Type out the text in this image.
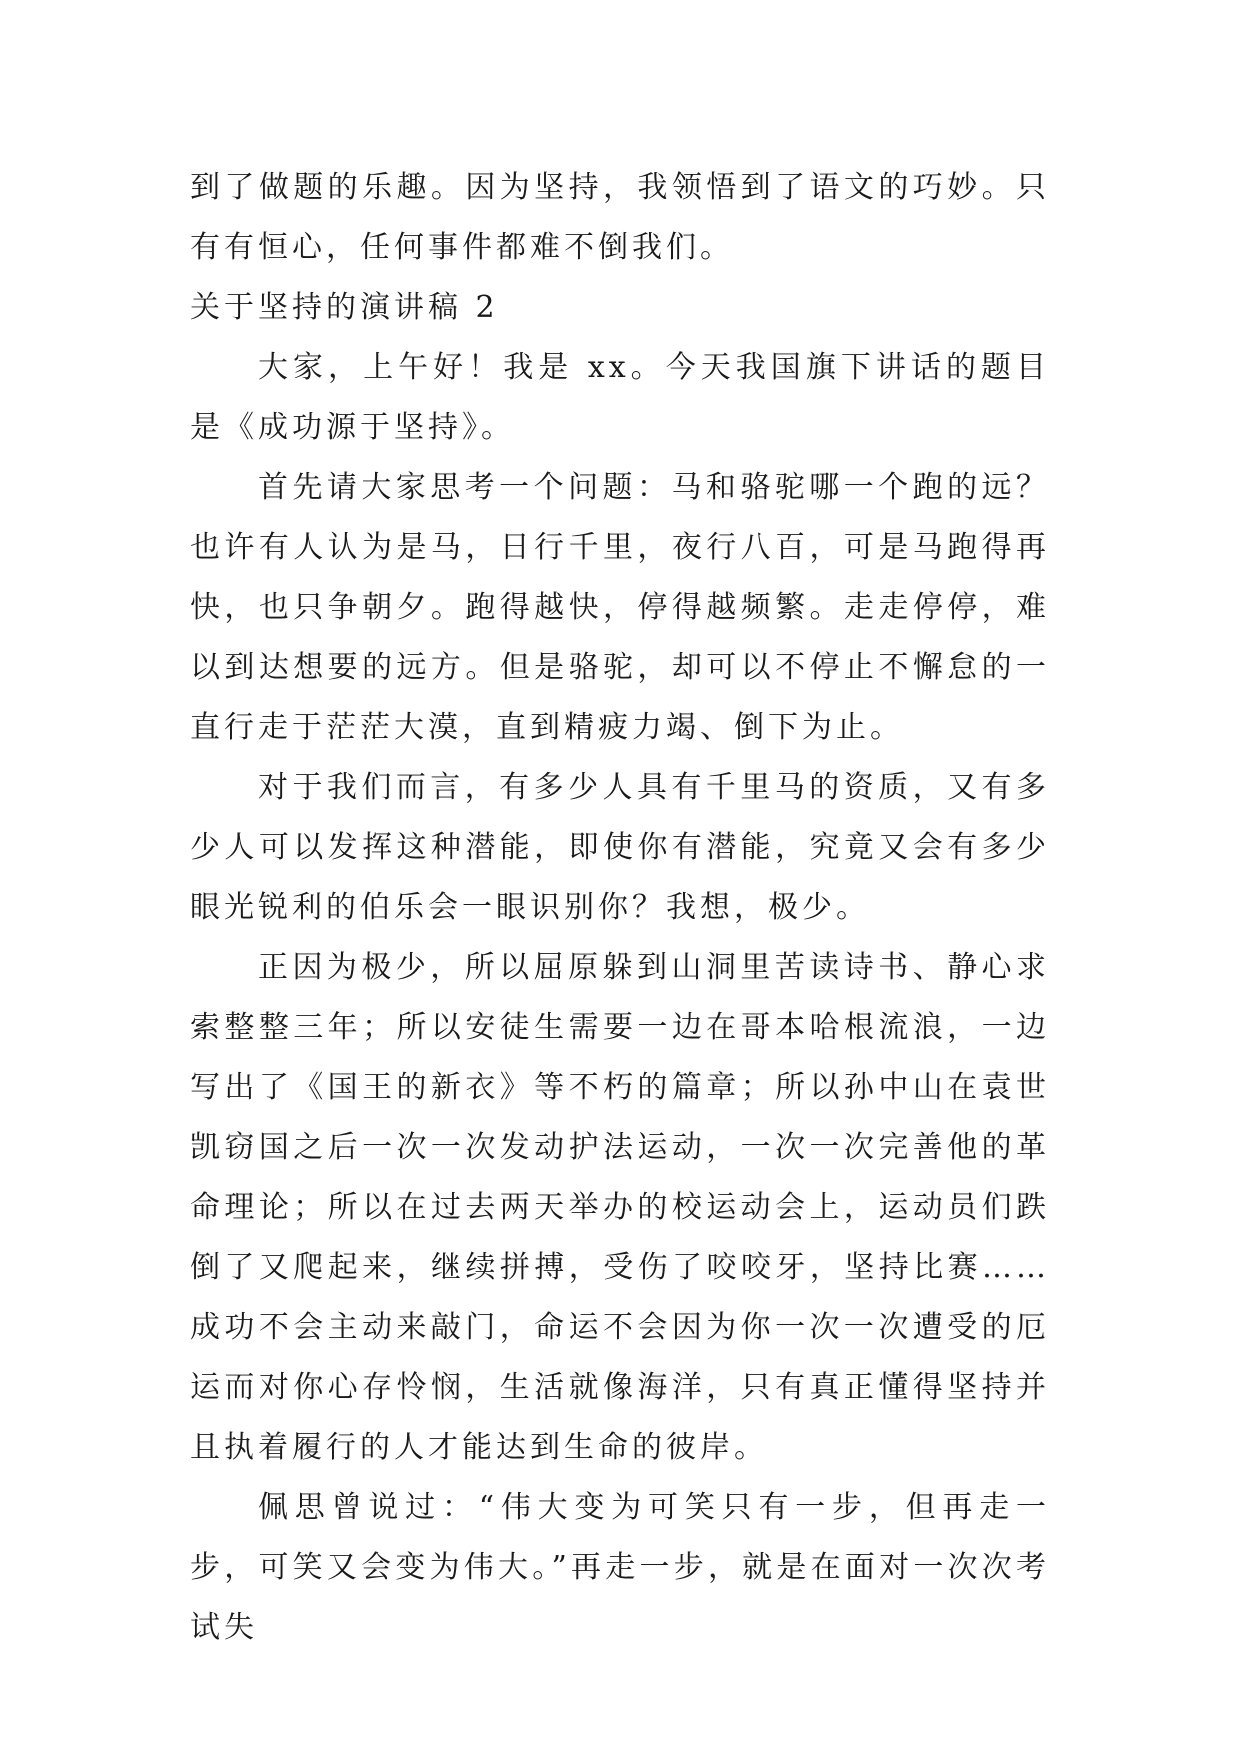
到了做题的乐趣。因为坚持，我领悟到了语文的巧妙。只有有恒心，任何事件都难不倒我们。

关于坚持的演讲稿 2

大家，上午好！我是 xx。今天我国旗下讲话的题目是《成功源于坚持》。

首先请大家思考一个问题：马和骆驼哪一个跑的远？也许有人认为是马，日行千里，夜行八百，可是马跑得再快，也只争朝夕。跑得越快，停得越频繁。走走停停，难以到达想要的远方。但是骆驼，却可以不停止不懈怠的一直行走于茫茫大漠，直到精疲力竭、倒下为止。

对于我们而言，有多少人具有千里马的资质，又有多少人可以发挥这种潜能，即使你有潜能，究竟又会有多少眼光锐利的伯乐会一眼识别你？我想，极少。

正因为极少，所以屈原躲到山洞里苦读诗书、静心求索整整三年；所以安徒生需要一边在哥本哈根流浪，一边写出了《国王的新衣》等不朽的篇章；所以孙中山在袁世凯窃国之后一次一次发动护法运动，一次一次完善他的革命理论；所以在过去两天举办的校运动会上，运动员们跌倒了又爬起来，继续拼搏，受伤了咬咬牙，坚持比赛……成功不会主动来敲门，命运不会因为你一次一次遭受的厄运而对你心存怜悯，生活就像海洋，只有真正懂得坚持并且执着履行的人才能达到生命的彼岸。

佩思曾说过：“伟大变为可笑只有一步，但再走一步，可笑又会变为伟大。”再走一步，就是在面对一次次考试失
